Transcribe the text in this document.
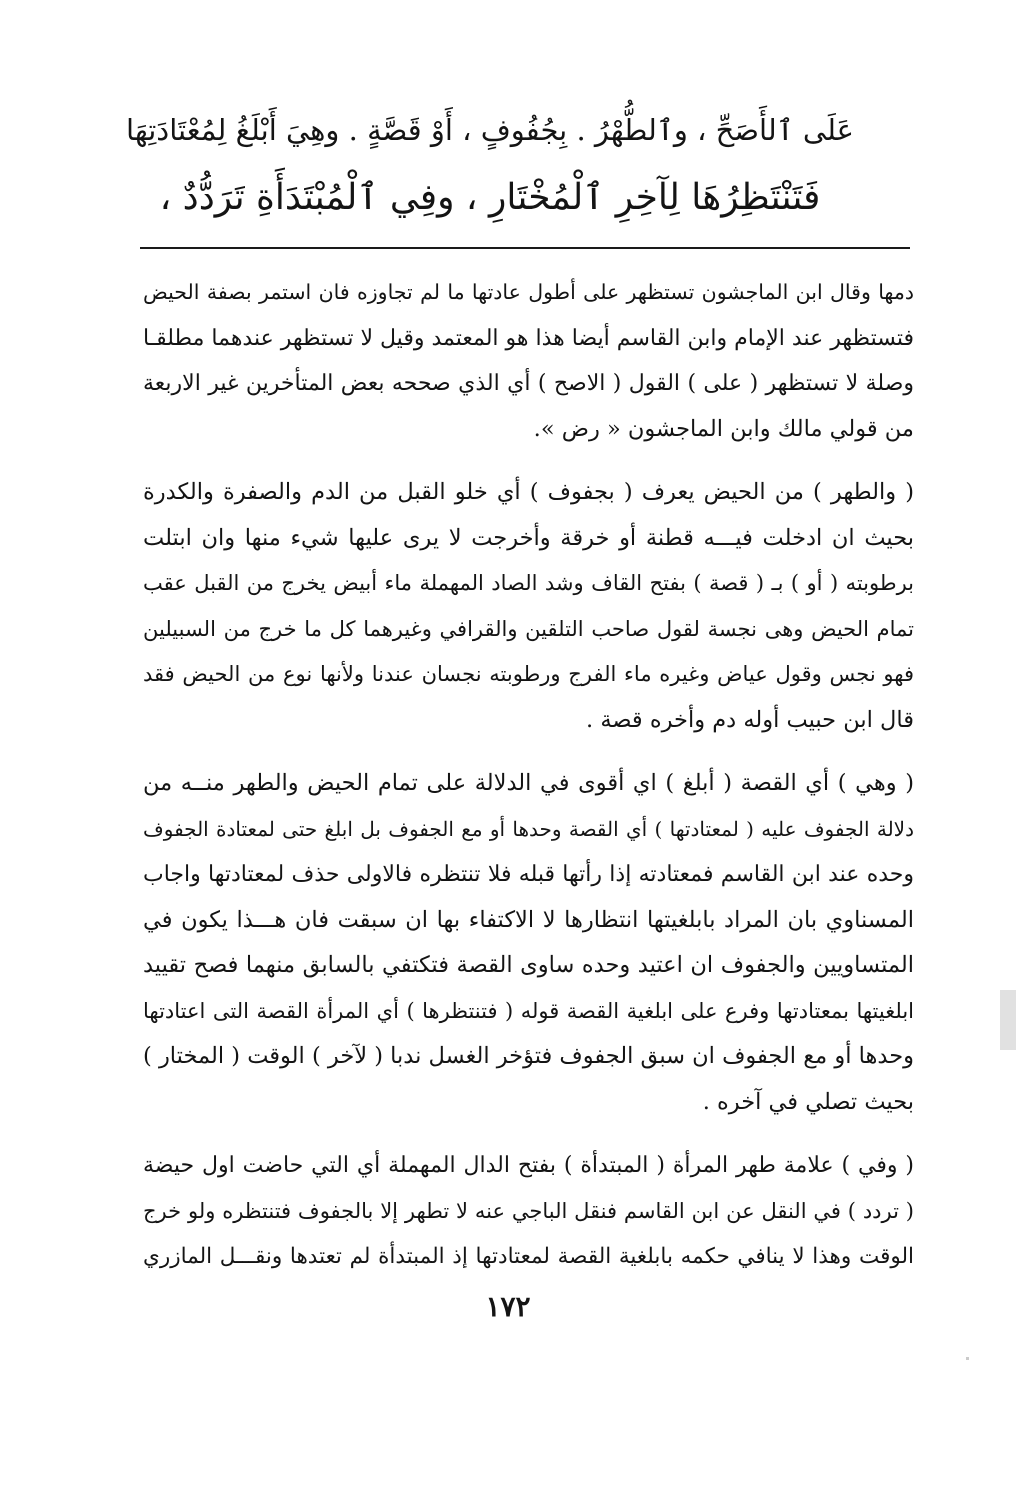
عَلَى ٱلأَصَحِّ ، وٱلطُّهْرُ . بِجُفُوفٍ ، أَوْ قَصَّةٍ . وهِيَ أَبْلَغُ لِمُعْتَادَتِهَا
فَتَنْتَظِرُهَا لِآخِرِ ٱلْمُخْتَارِ ، وفِي ٱلْمُبْتَدَأَةِ تَرَدُّدٌ ،
دمها وقال ابن الماجشون تستظهر على أطول عادتها ما لم تجاوزه فان استمر بصفة الحيض
فتستظهر عند الإمام وابن القاسم أيضا هذا هو المعتمد وقيل لا تستظهر عندهما مطلقـا
وصلة لا تستظهر ( على ) القول ( الاصح ) أي الذي صححه بعض المتأخرين غير الاربعة
من قولي مالك وابن الماجشون « رض ».
( والطهر ) من الحيض يعرف ( بجفوف ) أي خلو القبل من الدم والصفرة والكدرة
بحيث ان ادخلت فيـــه قطنة أو خرقة وأخرجت لا يرى عليها شيء منها وان ابتلت
برطوبته ( أو ) بـ ( قصة ) بفتح القاف وشد الصاد المهملة ماء أبيض يخرج من القبل عقب
تمام الحيض وهى نجسة لقول صاحب التلقين والقرافي وغيرهما كل ما خرج من السبيلين
فهو نجس وقول عياض وغيره ماء الفرج ورطوبته نجسان عندنا ولأنها نوع من الحيض فقد
قال ابن حبيب أوله دم وأخره قصة .
( وهي ) أي القصة ( أبلغ ) اي أقوى في الدلالة على تمام الحيض والطهر منــه من
دلالة الجفوف عليه ( لمعتادتها ) أي القصة وحدها أو مع الجفوف بل ابلغ حتى لمعتادة الجفوف
وحده عند ابن القاسم فمعتادته إذا رأتها قبله فلا تنتظره فالاولى حذف لمعتادتها واجاب
المسناوي بان المراد بابلغيتها انتظارها لا الاكتفاء بها ان سبقت فان هـــذا يكون في
المتساويين والجفوف ان اعتيد وحده ساوى القصة فتكتفي بالسابق منهما فصح تقييد
ابلغيتها بمعتادتها وفرع على ابلغية القصة قوله ( فتنتظرها ) أي المرأة القصة التى اعتادتها
وحدها أو مع الجفوف ان سبق الجفوف فتؤخر الغسل ندبا ( لآخر ) الوقت ( المختار )
بحيث تصلي في آخره .
( وفي ) علامة طهر المرأة ( المبتدأة ) بفتح الدال المهملة أي التي حاضت اول حيضة
( تردد ) في النقل عن ابن القاسم فنقل الباجي عنه لا تطهر إلا بالجفوف فتنتظره ولو خرج
الوقت وهذا لا ينافي حكمه بابلغية القصة لمعتادتها إذ المبتدأة لم تعتدها ونقـــل المازري
١٧٢
